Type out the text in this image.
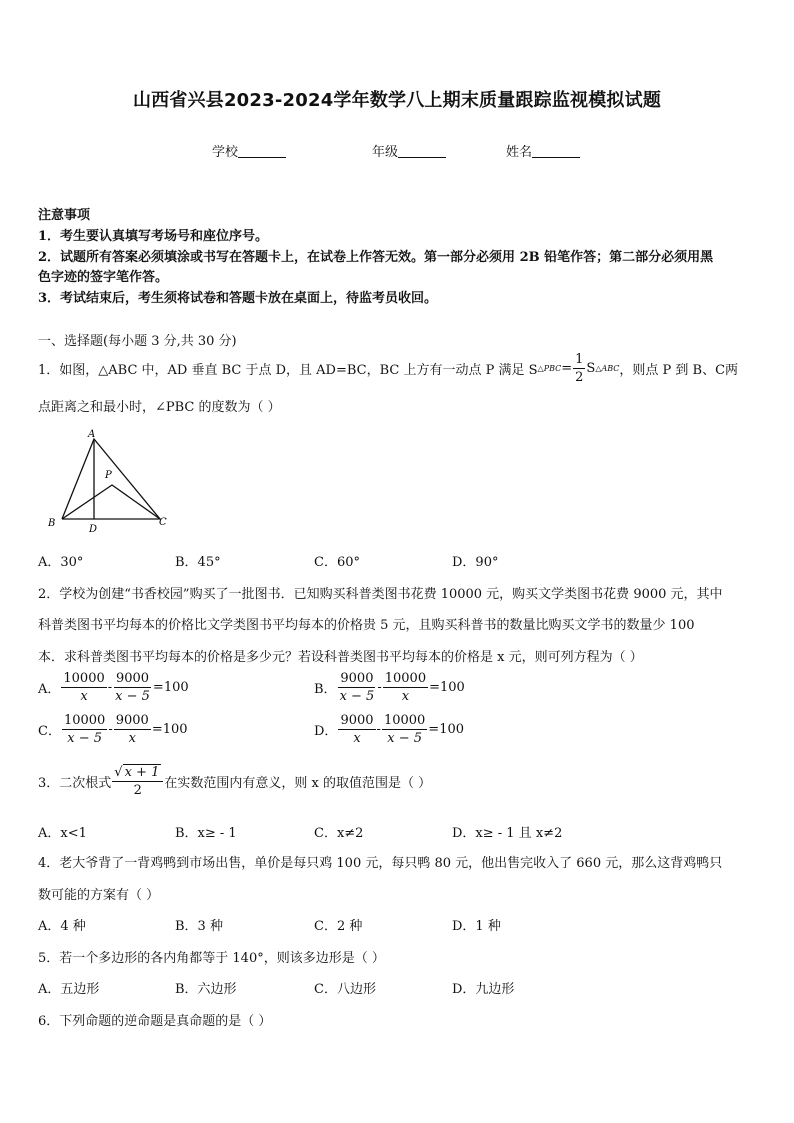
山西省兴县2023-2024学年数学八上期末质量跟踪监视模拟试题
学校	年级	姓名
注意事项
1．考生要认真填写考场号和座位序号。
2．试题所有答案必须填涂或书写在答题卡上，在试卷上作答无效。第一部分必须用 2B 铅笔作答；第二部分必须用黑
色字迹的签字笔作答。
3．考试结束后，考生须将试卷和答题卡放在桌面上，待监考员收回。
一、选择题(每小题 3 分,共 30 分)
1．如图，△ABC 中，AD 垂直 BC 于点 D，且 AD=BC，BC 上方有一动点 P 满足 S △PBC = $\frac{1}{2}$ S △ABC ，则点 P 到 B、C两
点距离之和最小时，∠PBC 的度数为（ ）
A
P
B
D
C
A．30°	B．45°	C．60°	D．90°
2．学校为创建“书香校园”购买了一批图书．已知购买科普类图书花费 10000 元，购买文学类图书花费 9000 元，其中
科普类图书平均每本的价格比文学类图书平均每本的价格贵 5 元，且购买科普书的数量比购买文学书的数量少 100
本．求科普类图书平均每本的价格是多少元？若设科普类图书平均每本的价格是 x 元，则可列方程为（ ）
A． $\frac{10000}{x} - \frac{9000}{x - 5} =100$	B． $\frac{9000}{x - 5} - \frac{10000}{x} =100$
C． $\frac{10000}{x - 5} - \frac{9000}{x} =100$	D． $\frac{9000}{x} - \frac{10000}{x - 5} =100$
3．二次根式 $\frac{√ x + 1}{2}$ 在实数范围内有意义，则 x 的取值范围是（ ）
A．x<1	B．x≥ - 1	C．x≠2	D．x≥ - 1 且 x≠2
4．老大爷背了一背鸡鸭到市场出售，单价是每只鸡 100 元，每只鸭 80 元，他出售完收入了 660 元，那么这背鸡鸭只
数可能的方案有（ ）
A．4 种	B．3 种	C．2 种	D．1 种
5．若一个多边形的各内角都等于 140°，则该多边形是（ ）
A．五边形	B．六边形	C．八边形	D．九边形
6．下列命题的逆命题是真命题的是（ ）
